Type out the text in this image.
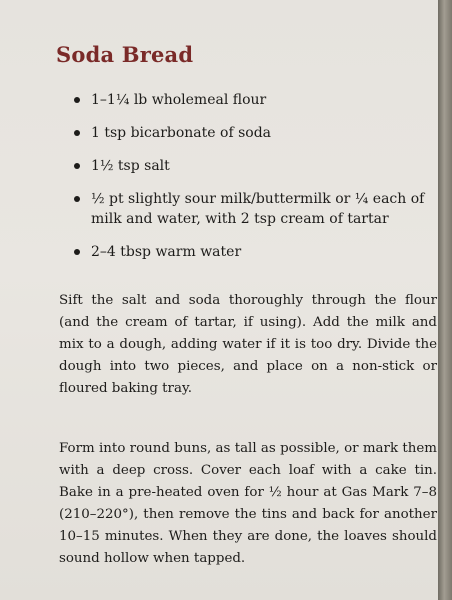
Soda Bread
1–1¼ lb wholemeal flour
1 tsp bicarbonate of soda
1½ tsp salt
½ pt slightly sour milk/buttermilk or ¼ each of milk and water, with 2 tsp cream of tartar
2–4 tbsp warm water

Sift the salt and soda thoroughly through the flour (and the cream of tartar, if using). Add the milk and mix to a dough, adding water if it is too dry. Divide the dough into two pieces, and place on a non-stick or floured baking tray.

Form into round buns, as tall as possible, or mark them with a deep cross. Cover each loaf with a cake tin. Bake in a pre-heated oven for ½ hour at Gas Mark 7–8 (210–220°), then remove the tins and back for another 10–15 minutes. When they are done, the loaves should sound hollow when tapped.
